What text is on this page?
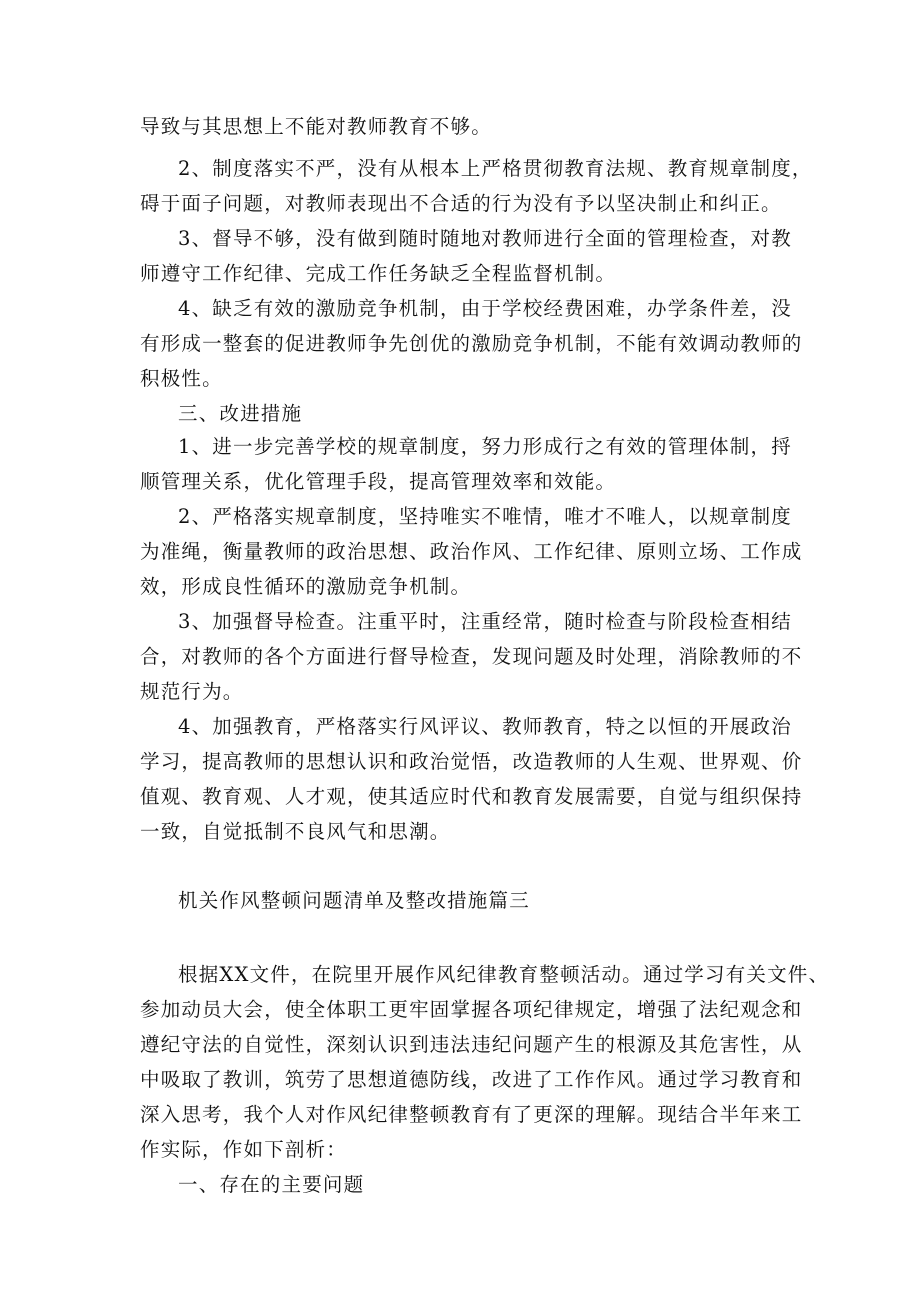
导致与其思想上不能对教师教育不够。
2、制度落实不严，没有从根本上严格贯彻教育法规、教育规章制度，
碍于面子问题，对教师表现出不合适的行为没有予以坚决制止和纠正。
3、督导不够，没有做到随时随地对教师进行全面的管理检查，对教
师遵守工作纪律、完成工作任务缺乏全程监督机制。
4、缺乏有效的激励竞争机制，由于学校经费困难，办学条件差，没
有形成一整套的促进教师争先创优的激励竞争机制，不能有效调动教师的
积极性。
三、改进措施
1、进一步完善学校的规章制度，努力形成行之有效的管理体制，捋
顺管理关系，优化管理手段，提高管理效率和效能。
2、严格落实规章制度，坚持唯实不唯情，唯才不唯人，以规章制度
为准绳，衡量教师的政治思想、政治作风、工作纪律、原则立场、工作成
效，形成良性循环的激励竞争机制。
3、加强督导检查。注重平时，注重经常，随时检查与阶段检查相结
合，对教师的各个方面进行督导检查，发现问题及时处理，消除教师的不
规范行为。
4、加强教育，严格落实行风评议、教师教育，特之以恒的开展政治
学习，提高教师的思想认识和政治觉悟，改造教师的人生观、世界观、价
值观、教育观、人才观，使其适应时代和教育发展需要，自觉与组织保持
一致，自觉抵制不良风气和思潮。
机关作风整顿问题清单及整改措施篇三
根据XX文件，在院里开展作风纪律教育整顿活动。通过学习有关文件、
参加动员大会，使全体职工更牢固掌握各项纪律规定，增强了法纪观念和
遵纪守法的自觉性，深刻认识到违法违纪问题产生的根源及其危害性，从
中吸取了教训，筑劳了思想道德防线，改进了工作作风。通过学习教育和
深入思考，我个人对作风纪律整顿教育有了更深的理解。现结合半年来工
作实际，作如下剖析：
一、存在的主要问题
